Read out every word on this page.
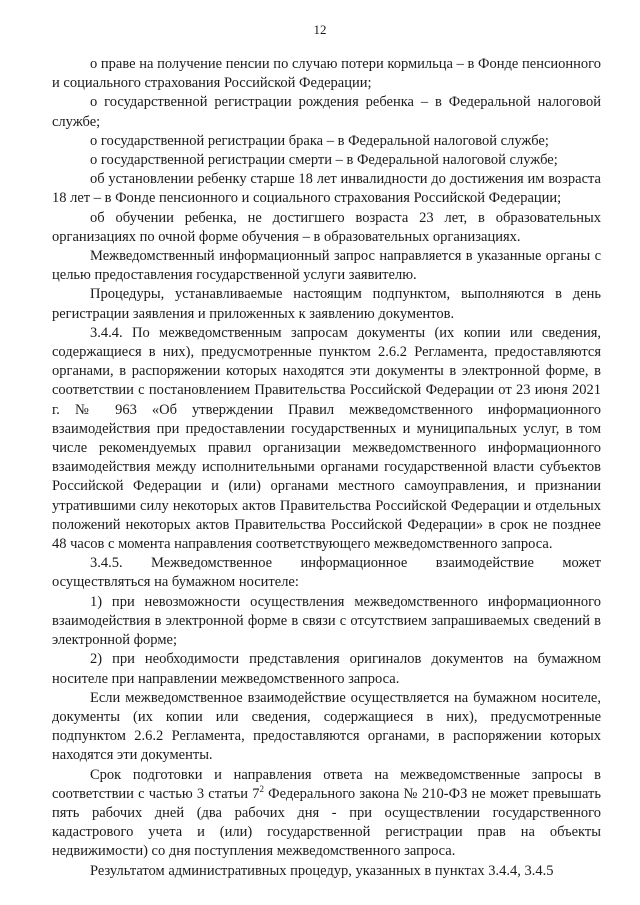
12

о праве на получение пенсии по случаю потери кормильца – в Фонде пенсионного и социального страхования Российской Федерации;

о государственной регистрации рождения ребенка – в Федеральной налоговой службе;

о государственной регистрации брака – в Федеральной налоговой службе;

о государственной регистрации смерти – в Федеральной налоговой службе;

об установлении ребенку старше 18 лет инвалидности до достижения им возраста 18 лет – в Фонде пенсионного и социального страхования Российской Федерации;

об обучении ребенка, не достигшего возраста 23 лет, в образовательных организациях по очной форме обучения – в образовательных организациях.

Межведомственный информационный запрос направляется в указанные органы с целью предоставления государственной услуги заявителю.

Процедуры, устанавливаемые настоящим подпунктом, выполняются в день регистрации заявления и приложенных к заявлению документов.

3.4.4. По межведомственным запросам документы (их копии или сведения, содержащиеся в них), предусмотренные пунктом 2.6.2 Регламента, предоставляются органами, в распоряжении которых находятся эти документы в электронной форме, в соответствии с постановлением Правительства Российской Федерации от 23 июня 2021 г. № 963 «Об утверждении Правил межведомственного информационного взаимодействия при предоставлении государственных и муниципальных услуг, в том числе рекомендуемых правил организации межведомственного информационного взаимодействия между исполнительными органами государственной власти субъектов Российской Федерации и (или) органами местного самоуправления, и признании утратившими силу некоторых актов Правительства Российской Федерации и отдельных положений некоторых актов Правительства Российской Федерации» в срок не позднее 48 часов с момента направления соответствующего межведомственного запроса.

3.4.5. Межведомственное информационное взаимодействие может осуществляться на бумажном носителе:

1) при невозможности осуществления межведомственного информационного взаимодействия в электронной форме в связи с отсутствием запрашиваемых сведений в электронной форме;

2) при необходимости представления оригиналов документов на бумажном носителе при направлении межведомственного запроса.

Если межведомственное взаимодействие осуществляется на бумажном носителе, документы (их копии или сведения, содержащиеся в них), предусмотренные подпунктом 2.6.2 Регламента, предоставляются органами, в распоряжении которых находятся эти документы.

Срок подготовки и направления ответа на межведомственные запросы в соответствии с частью 3 статьи $7^2$ Федерального закона № 210-ФЗ не может превышать пять рабочих дней (два рабочих дня - при осуществлении государственного кадастрового учета и (или) государственной регистрации прав на объекты недвижимости) со дня поступления межведомственного запроса.

Результатом административных процедур, указанных в пунктах 3.4.4, 3.4.5
